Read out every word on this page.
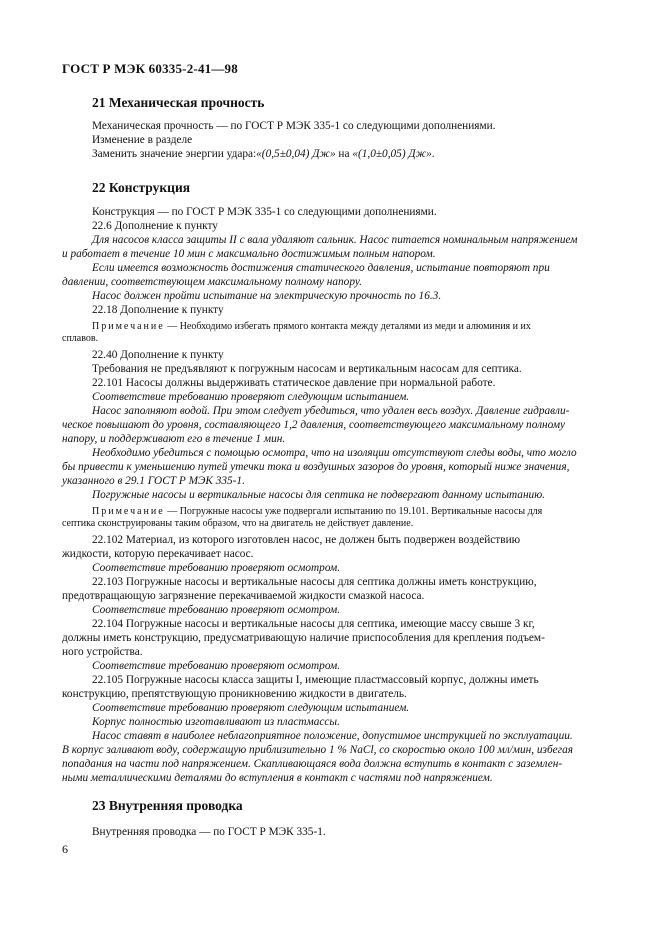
ГОСТ Р МЭК 60335-2-41—98
21 Механическая прочность
Механическая прочность — по ГОСТ Р МЭК 335-1 со следующими дополнениями.
Изменение в разделе
Заменить значение энергии удара:«(0,5±0,04) Дж» на «(1,0±0,05) Дж».
22 Конструкция
Конструкция — по ГОСТ Р МЭК 335-1 со следующими дополнениями.
22.6 Дополнение к пункту
Для насосов класса защиты II с вала удаляют сальник. Насос питается номинальным напряжением
и работает в течение 10 мин с максимально достижимым полным напором.
Если имеется возможность достижения статического давления, испытание повторяют при
давлении, соответствующем максимальному полному напору.
Насос должен пройти испытание на электрическую прочность по 16.3.
22.18 Дополнение к пункту
Примечание — Необходимо избегать прямого контакта между деталями из меди и алюминия и их
сплавов.
22.40 Дополнение к пункту
Требования не предъявляют к погружным насосам и вертикальным насосам для септика.
22.101 Насосы должны выдерживать статическое давление при нормальной работе.
Соответствие требованию проверяют следующим испытанием.
Насос заполняют водой. При этом следует убедиться, что удален весь воздух. Давление гидравли-
ческое повышают до уровня, составляющего 1,2 давления, соответствующего максимальному полному
напору, и поддерживают его в течение 1 мин.
Необходимо убедиться с помощью осмотра, что на изоляции отсутствуют следы воды, что могло
бы привести к уменьшению путей утечки тока и воздушных зазоров до уровня, который ниже значения,
указанного в 29.1 ГОСТ Р МЭК 335-1.
Погружные насосы и вертикальные насосы для септика не подвергают данному испытанию.
Примечание — Погружные насосы уже подвергали испытанию по 19.101. Вертикальные насосы для
септика сконструированы таким образом, что на двигатель не действует давление.
22.102 Материал, из которого изготовлен насос, не должен быть подвержен воздействию
жидкости, которую перекачивает насос.
Соответствие требованию проверяют осмотром.
22.103 Погружные насосы и вертикальные насосы для септика должны иметь конструкцию,
предотвращающую загрязнение перекачиваемой жидкости смазкой насоса.
Соответствие требованию проверяют осмотром.
22.104 Погружные насосы и вертикальные насосы для септика, имеющие массу свыше 3 кг,
должны иметь конструкцию, предусматривающую наличие приспособления для крепления подъем-
ного устройства.
Соответствие требованию проверяют осмотром.
22.105 Погружные насосы класса защиты I, имеющие пластмассовый корпус, должны иметь
конструкцию, препятствующую проникновению жидкости в двигатель.
Соответствие требованию проверяют следующим испытанием.
Корпус полностью изготавливают из пластмассы.
Насос ставят в наиболее неблагоприятное положение, допустимое инструкцией по эксплуатации.
В корпус заливают воду, содержащую приблизительно 1 % NaCl, со скоростью около 100 мл/мин, избегая
попадания на части под напряжением. Скапливающаяся вода должна вступить в контакт с заземлен-
ными металлическими деталями до вступления в контакт с частями под напряжением.
23 Внутренняя проводка
Внутренняя проводка — по ГОСТ Р МЭК 335-1.
6
